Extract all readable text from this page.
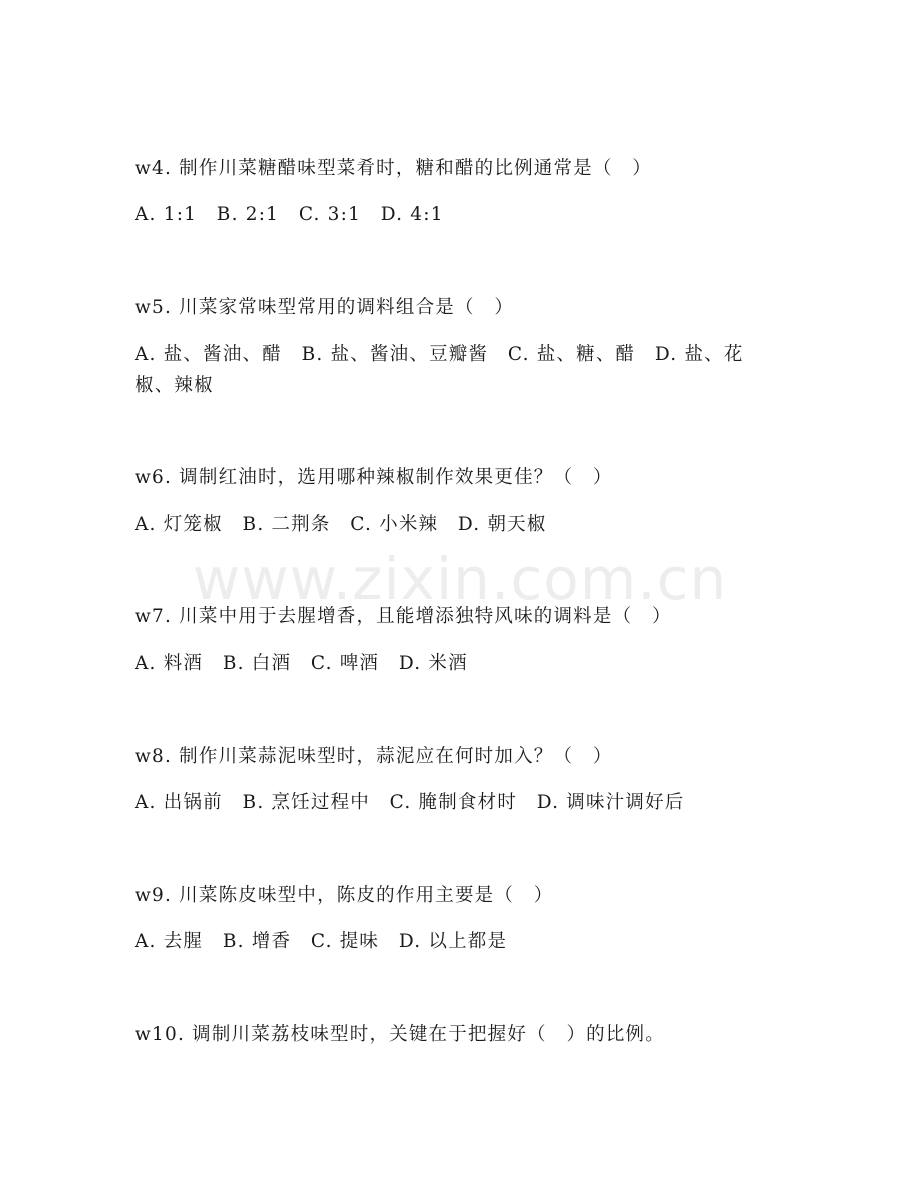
www.zixin.com.cn
w4. 制作川菜糖醋味型菜肴时，糖和醋的比例通常是（　）
A. 1:1　B. 2:1　C. 3:1　D. 4:1
w5. 川菜家常味型常用的调料组合是（　）
A. 盐、酱油、醋　B. 盐、酱油、豆瓣酱　C. 盐、糖、醋　D. 盐、花椒、辣椒
w6. 调制红油时，选用哪种辣椒制作效果更佳？（　）
A. 灯笼椒　B. 二荆条　C. 小米辣　D. 朝天椒
w7. 川菜中用于去腥增香，且能增添独特风味的调料是（　）
A. 料酒　B. 白酒　C. 啤酒　D. 米酒
w8. 制作川菜蒜泥味型时，蒜泥应在何时加入？（　）
A. 出锅前　B. 烹饪过程中　C. 腌制食材时　D. 调味汁调好后
w9. 川菜陈皮味型中，陈皮的作用主要是（　）
A. 去腥　B. 增香　C. 提味　D. 以上都是
w10. 调制川菜荔枝味型时，关键在于把握好（　）的比例。
